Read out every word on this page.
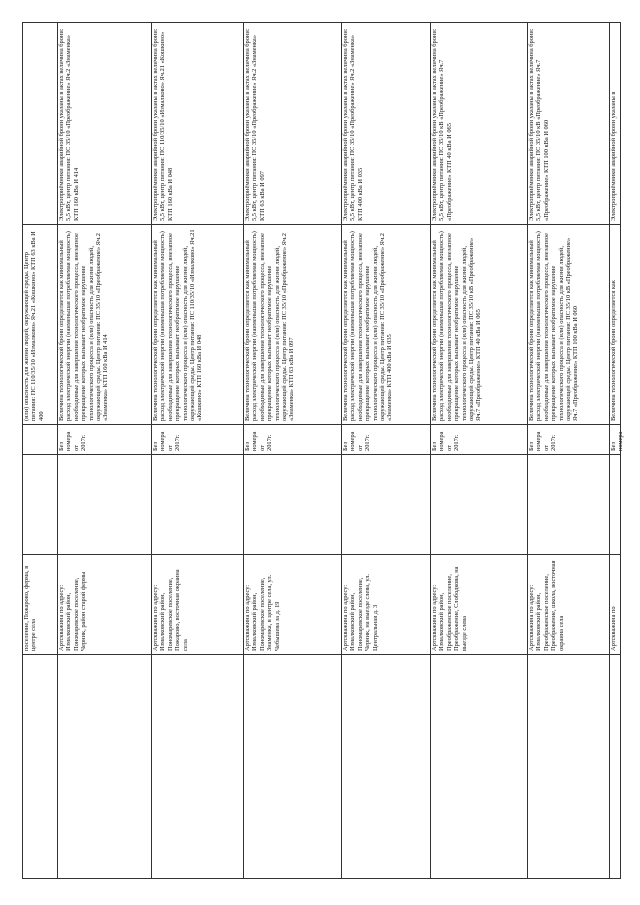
поселение, Пожарово, ферма, в центре села
(или) опасность для жизни людей, окружающей среды. Центр питания: ПС 110/35/10 «Измалково» Яч.21 «Кошкино» КТП 63 кВа И 400
Артскважина по адресу: Измалковский район, Пономаревское поселение, Черник, район старой фермы
Без номера от 2017г.
Величина технологической брони определяется как минимальный расход электрической энергии (наименьшая потребляемая мощность) необходимые для завершения технологического процесса, внезапное прекращение которых вызывает необратимое нарушение технологического процесса и (или) опасность для жизни людей, окружающей среды. Центр питания: ПС 35/10 «Преображение» Яч.2 «Знаменка» КТП 160 кВа И 414
Электроприёмники аварийной брони указаны в актах величина брони: 5,5 кВт, центр питания: ПС 35/10 «Преображение» Яч.2 «Знаменка» КТП 160 кВа И 414
Артскважина по адресу: Измалковский район, Пономаревское поселение, Пожарово, восточная окраина села
Без номера от 2017г.
Величина технологической брони определяется как минимальный расход электрической энергии (наименьшая потребляемая мощность) необходимые для завершения технологического процесса, внезапное прекращение которых вызывает необратимое нарушение технологического процесса и (или) опасность для жизни людей, окружающей среды. Центр питания: ПС 110/35/10 «Измалково» Яч.21 «Кошкино» КТП 160 кВа И 048
Электроприёмники аварийной брони указаны в актах величина брони: 5,5 кВт, центр питания: ПС 110/35/10 «Измалково» Яч.21 «Кошкино» КТП 160 кВа И 048
Артскважина по адресу: Измалковский район, Пономаревское поселение, Знаменка, в центре села, ул. Чебышева за д. 19
Без номера от 2017г.
Величина технологической брони определяется как минимальный расход электрической энергии (наименьшая потребляемая мощность) необходимые для завершения технологического процесса, внезапное прекращение которых вызывает необратимое нарушение технологического процесса и (или) опасность для жизни людей, окружающей среды. Центр питания: ПС 35/10 «Преображение» Яч.2 «Знаменка» КТП 63 кВа И 097
Электроприёмники аварийной брони указаны в актах величина брони: 5,5 кВт, центр питания: ПС 35/10 «Преображение» Яч.2 «Знаменка» КТП 63 кВа И 097
Артскважина по адресу: Измалковский район, Пономаревское поселение, Черник, на выезде слева, ул. Центральная д. 3
Без номера от 2017г.
Величина технологической брони определяется как минимальный расход электрической энергии (наименьшая потребляемая мощность) необходимые для завершения технологического процесса, внезапное прекращение которых вызывает необратимое нарушение технологического процесса и (или) опасность для жизни людей, окружающей среды. Центр питания: ПС 35/10 «Преображение» Яч.2 «Знаменка» КТП 400 кВа И 035
Электроприёмники аварийной брони указаны в актах величина брони: 5,5 кВт, центр питания: ПС 35/10 «Преображение» Яч.2 «Знаменка» КТП 400 кВа И 035
Артскважина по адресу: Измалковский район, Преображенское поселение, Преображение, Слободкова, на выезде слева
Без номера от 2017г.
Величина технологической брони определяется как минимальный расход электрической энергии (наименьшая потребляемая мощность) необходимые для завершения технологического процесса, внезапное прекращение которых вызывает необратимое нарушение технологического процесса и (или) опасность для жизни людей, окружающей среды. Центр питания: ПС 35/10 кВ «Преображение» Яч.7 «Преображение» КТП 40 кВа И 065
Электроприёмники аварийной брони указаны в актах величина брони: 5,5 кВт, центр питания: ПС 35/10 кВ «Преображение» Яч.7 «Преображение» КТП 40 кВа И 065
Артскважина по адресу: Измалковский район, Преображенское поселение, Преображение, школа, восточная окраина села
Без номера от 2017г.
Величина технологической брони определяется как минимальный расход электрической энергии (наименьшая потребляемая мощность) необходимые для завершения технологического процесса, внезапное прекращение которых вызывает необратимое нарушение технологического процесса и (или) опасность для жизни людей, окружающей среды. Центр питания: ПС 35/10 кВ «Преображение» Яч.7 «Преображение» КТП 100 кВа И 060
Электроприёмники аварийной брони указаны в актах величина брони: 5,5 кВт, центр питания: ПС 35/10 кВ «Преображение» Яч.7 «Преображение» КТП 100 кВа И 060
Артскважина по
Без номера
Величина технологической брони определяется как
Электроприёмники аварийной брони указаны в
